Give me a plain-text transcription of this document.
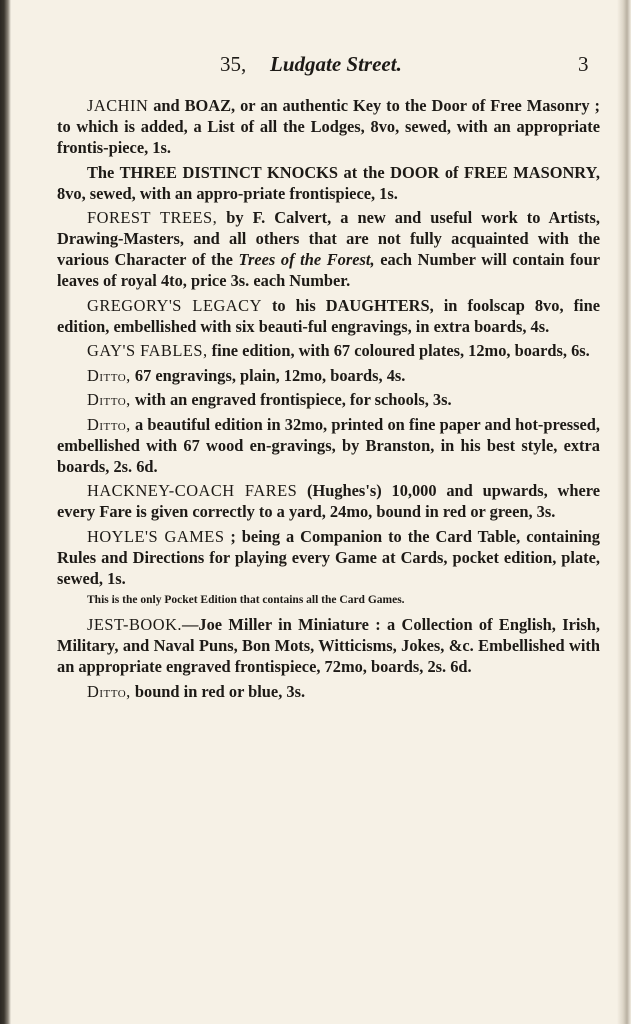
35, Ludgate Street.	3

JACHIN and BOAZ, or an authentic Key to the Door of Free Masonry ; to which is added, a List of all the Lodges, 8vo, sewed, with an appropriate frontis-piece, 1s.

The THREE DISTINCT KNOCKS at the DOOR of FREE MASONRY, 8vo, sewed, with an appro-priate frontispiece, 1s.

FOREST TREES, by F. Calvert, a new and useful work to Artists, Drawing-Masters, and all others that are not fully acquainted with the various Character of the Trees of the Forest, each Number will contain four leaves of royal 4to, price 3s. each Number.

GREGORY'S LEGACY to his DAUGHTERS, in foolscap 8vo, fine edition, embellished with six beauti-ful engravings, in extra boards, 4s.

GAY'S FABLES, fine edition, with 67 coloured plates, 12mo, boards, 6s.

Ditto, 67 engravings, plain, 12mo, boards, 4s.

Ditto, with an engraved frontispiece, for schools, 3s.

Ditto, a beautiful edition in 32mo, printed on fine paper and hot-pressed, embellished with 67 wood en-gravings, by Branston, in his best style, extra boards, 2s. 6d.

HACKNEY-COACH FARES (Hughes's) 10,000 and upwards, where every Fare is given correctly to a yard, 24mo, bound in red or green, 3s.

HOYLE'S GAMES ; being a Companion to the Card Table, containing Rules and Directions for playing every Game at Cards, pocket edition, plate, sewed, 1s.

This is the only Pocket Edition that contains all the Card Games.

JEST-BOOK.—Joe Miller in Miniature : a Collection of English, Irish, Military, and Naval Puns, Bon Mots, Witticisms, Jokes, &c. Embellished with an appropriate engraved frontispiece, 72mo, boards, 2s. 6d.

Ditto, bound in red or blue, 3s.
